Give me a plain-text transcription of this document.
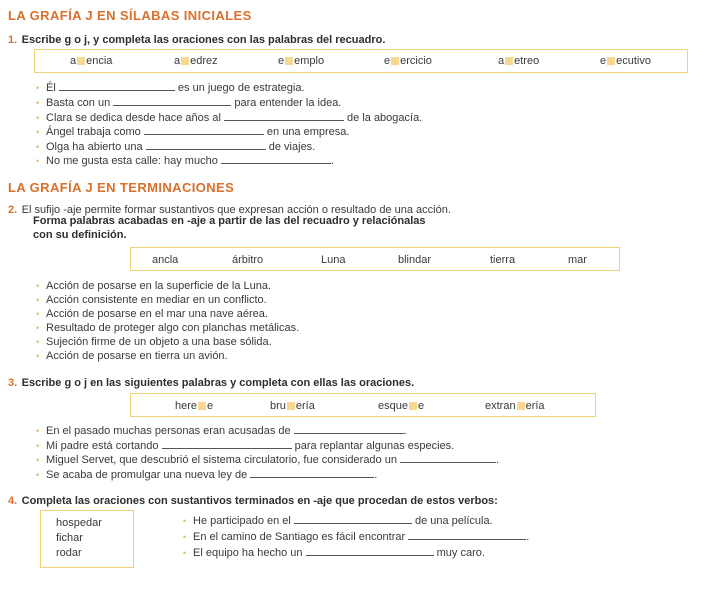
LA GRAFÍA J EN SÍLABAS INICIALES
1. Escribe g o j, y completa las oraciones con las palabras del recuadro.
a encia	a edrez	e emplo	e ercicio	a etreo	e ecutivo
• Él	es un juego de estrategia.
• Basta con un	para entender la idea.
• Clara se dedica desde hace años al	de la abogacía.
• Ángel trabaja como	en una empresa.
• Olga ha abierto una	de viajes.
• No me gusta esta calle: hay mucho	.
LA GRAFÍA J EN TERMINACIONES
2. El sufijo -aje permite formar sustantivos que expresan acción o resultado de una acción.
Forma palabras acabadas en -aje a partir de las del recuadro y relaciónalas
con su definición.
ancla	árbitro	Luna	blindar	tierra	mar
• Acción de posarse en la superficie de la Luna.
• Acción consistente en mediar en un conflicto.
• Acción de posarse en el mar una nave aérea.
• Resultado de proteger algo con planchas metálicas.
• Sujeción firme de un objeto a una base sólida.
• Acción de posarse en tierra un avión.
3. Escribe g o j en las siguientes palabras y completa con ellas las oraciones.
here e	bru ería	esque e	extran ería
• En el pasado muchas personas eran acusadas de	.
• Mi padre está cortando	para replantar algunas especies.
• Miguel Servet, que descubrió el sistema circulatorio, fue considerado un	.
• Se acaba de promulgar una nueva ley de	.
4. Completa las oraciones con sustantivos terminados en -aje que procedan de estos verbos:
hospedar
fichar
rodar
• He participado en el	de una película.
• En el camino de Santiago es fácil encontrar	.
• El equipo ha hecho un	muy caro.
